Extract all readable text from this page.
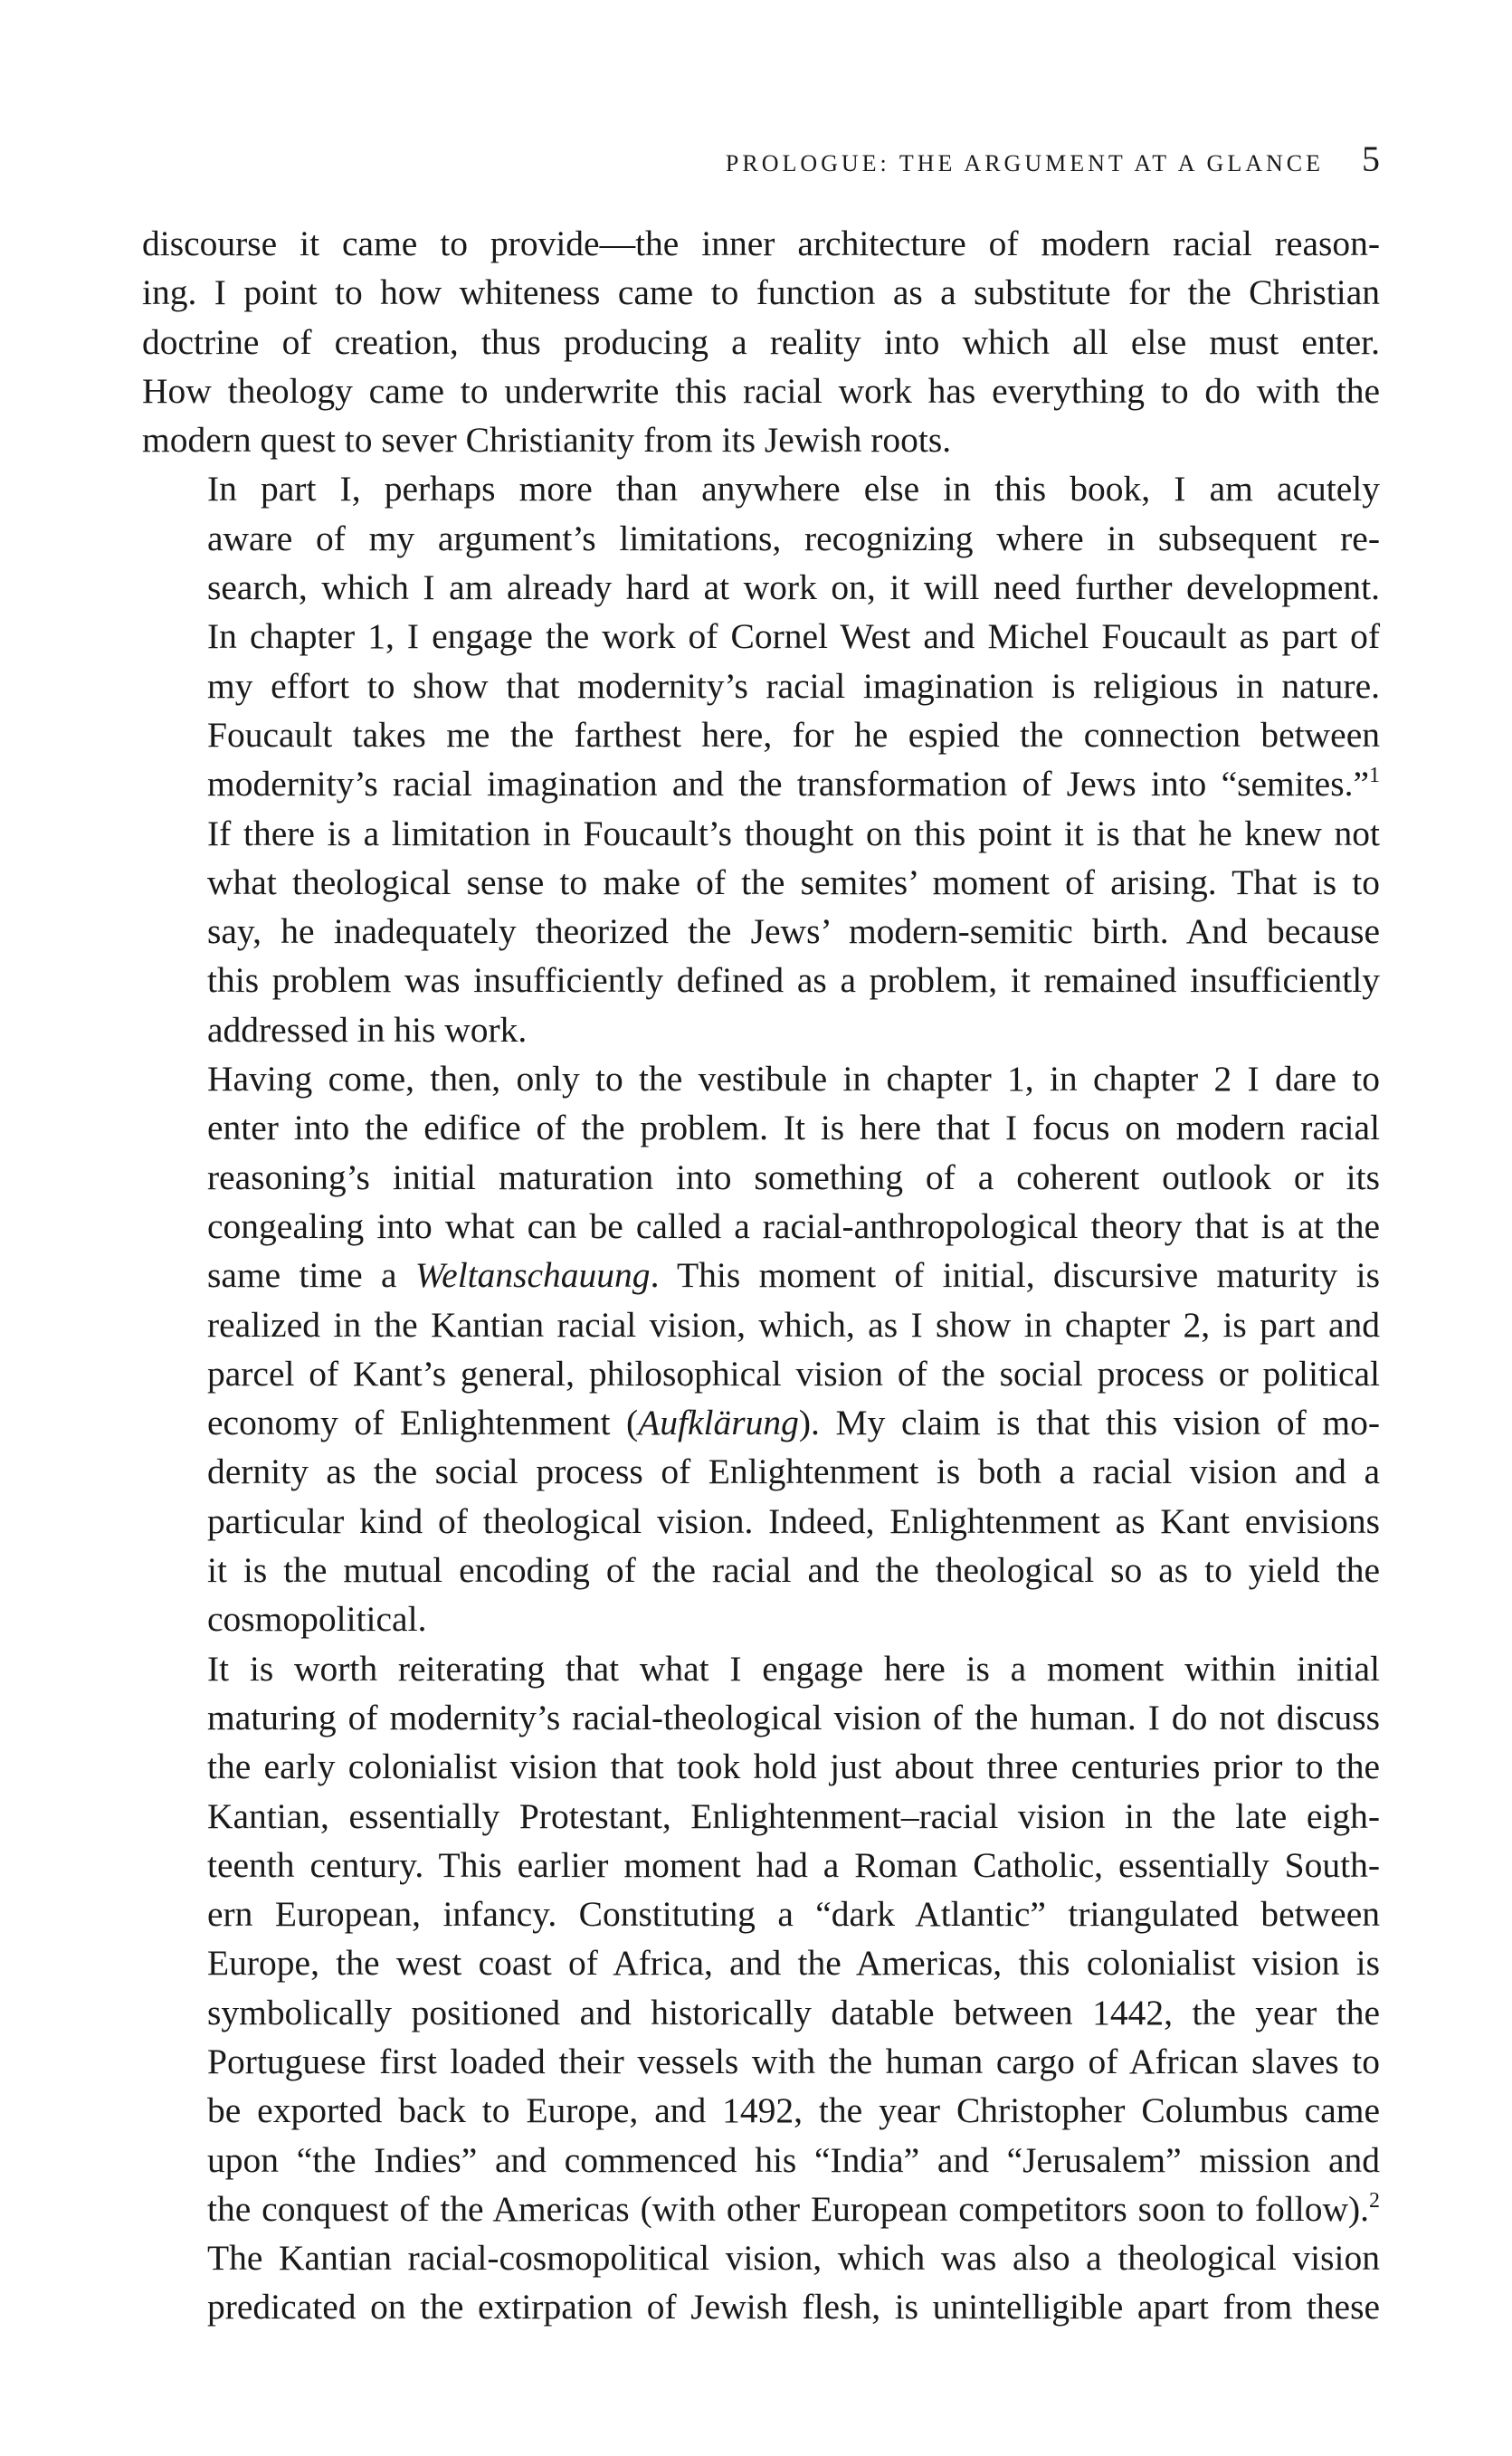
PROLOGUE: THE ARGUMENT AT A GLANCE 5

discourse it came to provide—the inner architecture of modern racial reason-
ing. I point to how whiteness came to function as a substitute for the Christian
doctrine of creation, thus producing a reality into which all else must enter.
How theology came to underwrite this racial work has everything to do with the
modern quest to sever Christianity from its Jewish roots.

In part I, perhaps more than anywhere else in this book, I am acutely
aware of my argument’s limitations, recognizing where in subsequent re-
search, which I am already hard at work on, it will need further development.
In chapter 1, I engage the work of Cornel West and Michel Foucault as part of
my effort to show that modernity’s racial imagination is religious in nature.
Foucault takes me the farthest here, for he espied the connection between
modernity’s racial imagination and the transformation of Jews into “semites.”$^1$
If there is a limitation in Foucault’s thought on this point it is that he knew not
what theological sense to make of the semites’ moment of arising. That is to
say, he inadequately theorized the Jews’ modern-semitic birth. And because
this problem was insufficiently defined as a problem, it remained insufficiently
addressed in his work.

Having come, then, only to the vestibule in chapter 1, in chapter 2 I dare to
enter into the edifice of the problem. It is here that I focus on modern racial
reasoning’s initial maturation into something of a coherent outlook or its
congealing into what can be called a racial-anthropological theory that is at the
same time a Weltanschauung. This moment of initial, discursive maturity is
realized in the Kantian racial vision, which, as I show in chapter 2, is part and
parcel of Kant’s general, philosophical vision of the social process or political
economy of Enlightenment (Aufklärung). My claim is that this vision of mo-
dernity as the social process of Enlightenment is both a racial vision and a
particular kind of theological vision. Indeed, Enlightenment as Kant envisions
it is the mutual encoding of the racial and the theological so as to yield the
cosmopolitical.

It is worth reiterating that what I engage here is a moment within initial
maturing of modernity’s racial-theological vision of the human. I do not discuss
the early colonialist vision that took hold just about three centuries prior to the
Kantian, essentially Protestant, Enlightenment–racial vision in the late eigh-
teenth century. This earlier moment had a Roman Catholic, essentially South-
ern European, infancy. Constituting a “dark Atlantic” triangulated between
Europe, the west coast of Africa, and the Americas, this colonialist vision is
symbolically positioned and historically datable between 1442, the year the
Portuguese first loaded their vessels with the human cargo of African slaves to
be exported back to Europe, and 1492, the year Christopher Columbus came
upon “the Indies” and commenced his “India” and “Jerusalem” mission and
the conquest of the Americas (with other European competitors soon to follow).$^2$
The Kantian racial-cosmopolitical vision, which was also a theological vision
predicated on the extirpation of Jewish flesh, is unintelligible apart from these
